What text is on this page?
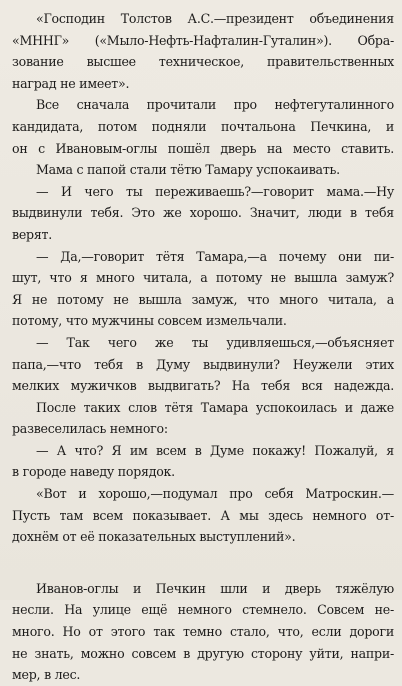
«Господин Толстов А.С.—президент объединения
«МННГ» («Мыло-Нефть-Нафталин-Гуталин»). Обра-
зование высшее техническое, правительственных
наград не имеет».
Все сначала прочитали про нефтегуталинного
кандидата, потом подняли почтальона Печкина, и
он с Ивановым-оглы пошёл дверь на место ставить.
Мама с папой стали тётю Тамару успокаивать.
— И чего ты переживаешь?—говорит мама.—Ну
выдвинули тебя. Это же хорошо. Значит, люди в тебя
верят.
— Да,—говорит тётя Тамара,—а почему они пи-
шут, что я много читала, а потому не вышла замуж?
Я не потому не вышла замуж, что много читала, а
потому, что мужчины совсем измельчали.
— Так чего же ты удивляешься,—объясняет
папа,—что тебя в Думу выдвинули? Неужели этих
мелких мужичков выдвигать? На тебя вся надежда.
После таких слов тётя Тамара успокоилась и даже
развеселилась немного:
— А что? Я им всем в Думе покажу! Пожалуй, я
в городе наведу порядок.
«Вот и хорошо,—подумал про себя Матроскин.—
Пусть там всем показывает. А мы здесь немного от-
дохнём от её показательных выступлений».
Иванов-оглы и Печкин шли и дверь тяжёлую
несли. На улице ещё немного стемнело. Совсем не-
много. Но от этого так темно стало, что, если дороги
не знать, можно совсем в другую сторону уйти, напри-
мер, в лес.
